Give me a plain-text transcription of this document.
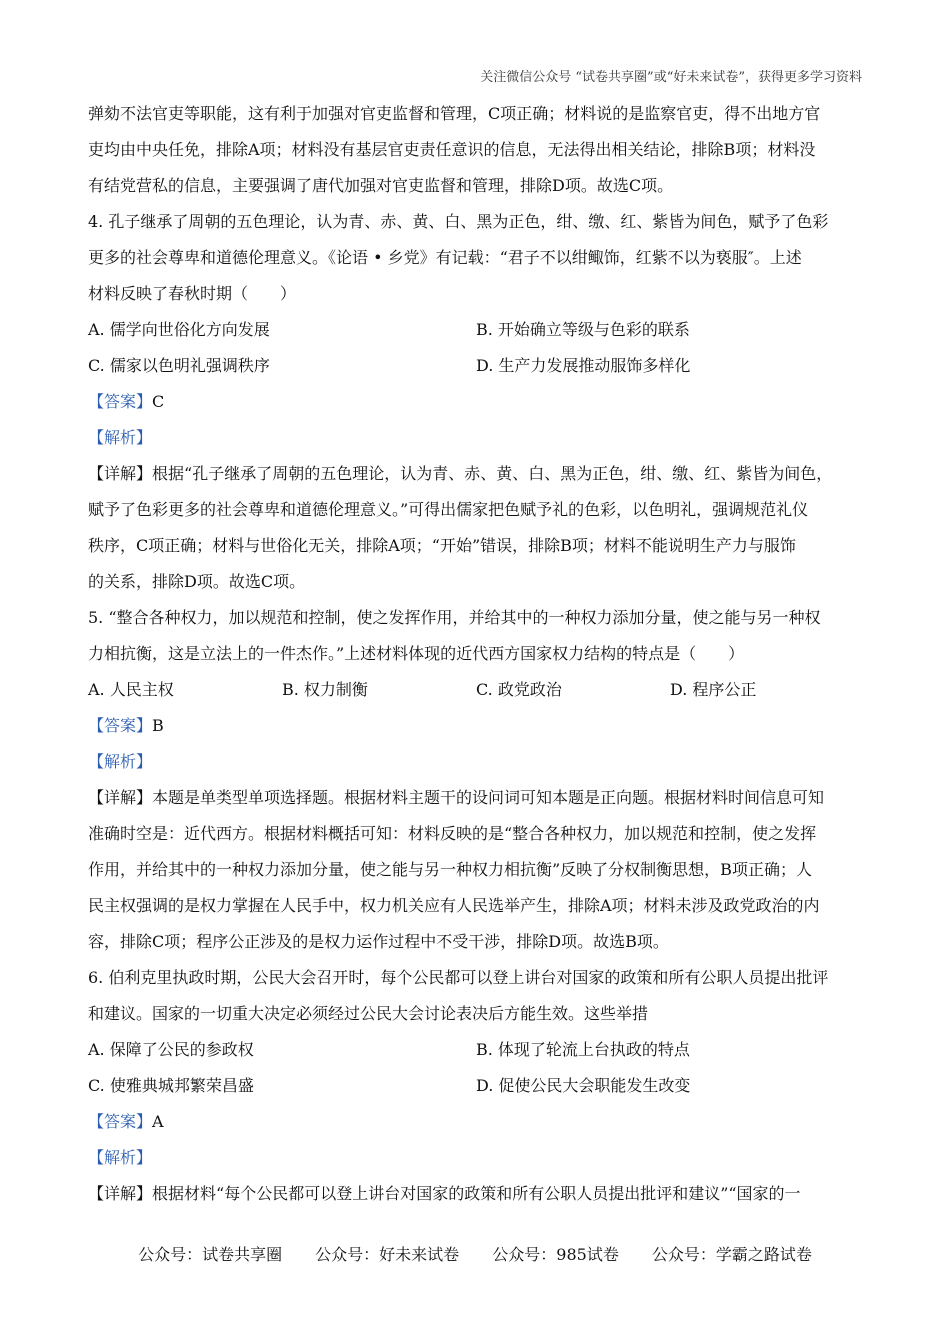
关注微信公众号 “试卷共享圈”或“好未来试卷”，获得更多学习资料
弹劾不法官吏等职能，这有利于加强对官吏监督和管理，C项正确；材料说的是监察官吏，得不出地方官
吏均由中央任免，排除A项；材料没有基层官吏责任意识的信息，无法得出相关结论，排除B项；材料没
有结党营私的信息，主要强调了唐代加强对官吏监督和管理，排除D项。故选C项。
4. 孔子继承了周朝的五色理论，认为青、赤、黄、白、黑为正色，绀、缴、红、紫皆为间色，赋予了色彩
更多的社会尊卑和道德伦理意义。《论语 • 乡党》有记载：“君子不以绀鲰饰，红紫不以为亵服″。上述
材料反映了春秋时期（　　）
A. 儒学向世俗化方向发展	B. 开始确立等级与色彩的联系
C. 儒家以色明礼强调秩序	D. 生产力发展推动服饰多样化
【答案】C
【解析】
【详解】根据“孔子继承了周朝的五色理论，认为青、赤、黄、白、黑为正色，绀、缴、红、紫皆为间色，
赋予了色彩更多的社会尊卑和道德伦理意义。”可得出儒家把色赋予礼的色彩，以色明礼，强调规范礼仪
秩序，C项正确；材料与世俗化无关，排除A项；“开始”错误，排除B项；材料不能说明生产力与服饰
的关系，排除D项。故选C项。
5. “整合各种权力，加以规范和控制，使之发挥作用，并给其中的一种权力添加分量，使之能与另一种权
力相抗衡，这是立法上的一件杰作。”上述材料体现的近代西方国家权力结构的特点是（　　）
A. 人民主权	B. 权力制衡	C. 政党政治	D. 程序公正
【答案】B
【解析】
【详解】本题是单类型单项选择题。根据材料主题干的设问词可知本题是正向题。根据材料时间信息可知
准确时空是：近代西方。根据材料概括可知：材料反映的是“整合各种权力，加以规范和控制，使之发挥
作用，并给其中的一种权力添加分量，使之能与另一种权力相抗衡”反映了分权制衡思想，B项正确；人
民主权强调的是权力掌握在人民手中，权力机关应有人民选举产生，排除A项；材料未涉及政党政治的内
容，排除C项；程序公正涉及的是权力运作过程中不受干涉，排除D项。故选B项。
6. 伯利克里执政时期，公民大会召开时，每个公民都可以登上讲台对国家的政策和所有公职人员提出批评
和建议。国家的一切重大决定必须经过公民大会讨论表决后方能生效。这些举措
A. 保障了公民的参政权	B. 体现了轮流上台执政的特点
C. 使雅典城邦繁荣昌盛	D. 促使公民大会职能发生改变
【答案】A
【解析】
【详解】根据材料“每个公民都可以登上讲台对国家的政策和所有公职人员提出批评和建议”“国家的一
公众号：试卷共享圈 公众号：好未来试卷 公众号：985试卷 公众号：学霸之路试卷
